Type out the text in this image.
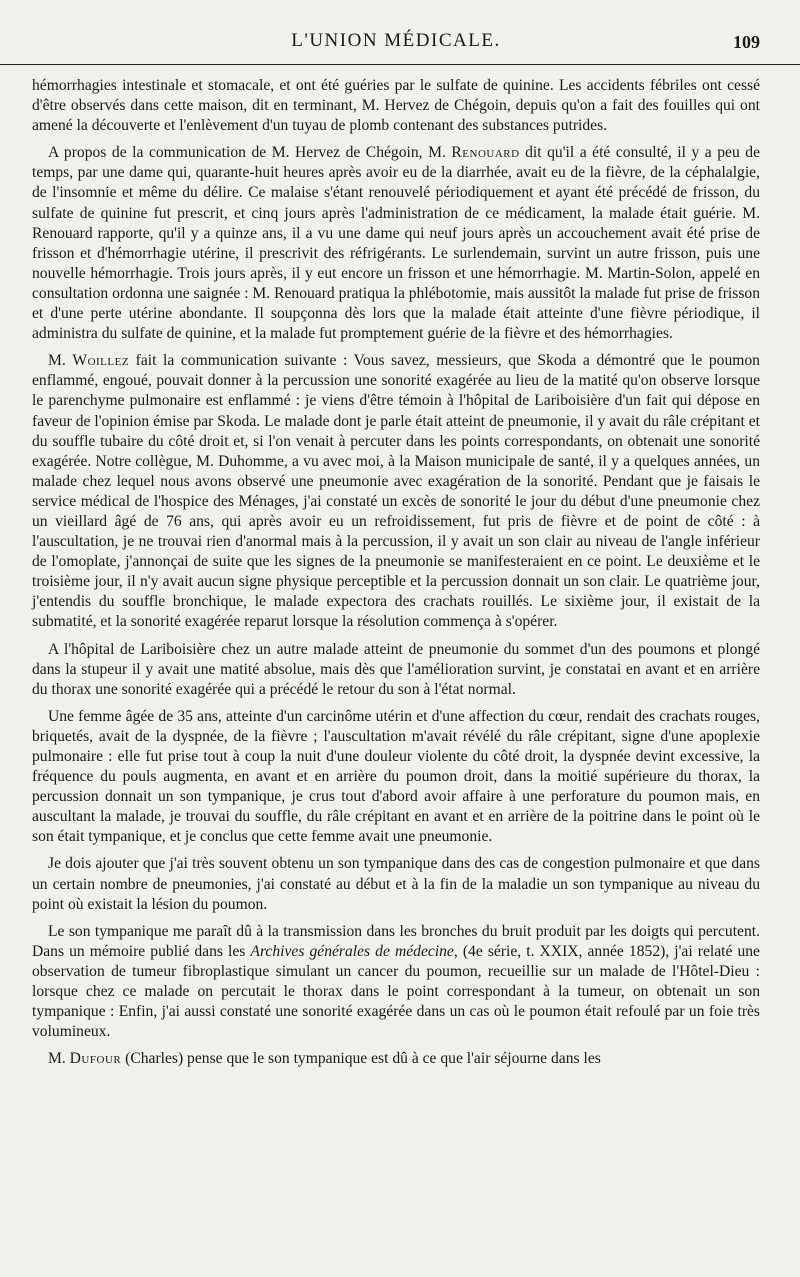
L'UNION MÉDICALE.	109

hémorrhagies intestinale et stomacale, et ont été guéries par le sulfate de quinine. Les accidents fébriles ont cessé d'être observés dans cette maison, dit en terminant, M. Hervez de Chégoin, depuis qu'on a fait des fouilles qui ont amené la découverte et l'enlèvement d'un tuyau de plomb contenant des substances putrides.

A propos de la communication de M. Hervez de Chégoin, M. Renouard dit qu'il a été consulté, il y a peu de temps, par une dame qui, quarante-huit heures après avoir eu de la diarrhée, avait eu de la fièvre, de la céphalalgie, de l'insomnie et même du délire. Ce malaise s'étant renouvelé périodiquement et ayant été précédé de frisson, du sulfate de quinine fut prescrit, et cinq jours après l'administration de ce médicament, la malade était guérie. M. Renouard rapporte, qu'il y a quinze ans, il a vu une dame qui neuf jours après un accouchement avait été prise de frisson et d'hémorrhagie utérine, il prescrivit des réfrigérants. Le surlendemain, survint un autre frisson, puis une nouvelle hémorrhagie. Trois jours après, il y eut encore un frisson et une hémorrhagie. M. Martin-Solon, appelé en consultation ordonna une saignée : M. Renouard pratiqua la phlébotomie, mais aussitôt la malade fut prise de frisson et d'une perte utérine abondante. Il soupçonna dès lors que la malade était atteinte d'une fièvre périodique, il administra du sulfate de quinine, et la malade fut promptement guérie de la fièvre et des hémorrhagies.

M. Woillez fait la communication suivante : Vous savez, messieurs, que Skoda a démontré que le poumon enflammé, engoué, pouvait donner à la percussion une sonorité exagérée au lieu de la matité qu'on observe lorsque le parenchyme pulmonaire est enflammé : je viens d'être témoin à l'hôpital de Lariboisière d'un fait qui dépose en faveur de l'opinion émise par Skoda. Le malade dont je parle était atteint de pneumonie, il y avait du râle crépitant et du souffle tubaire du côté droit et, si l'on venait à percuter dans les points correspondants, on obtenait une sonorité exagérée. Notre collègue, M. Duhomme, a vu avec moi, à la Maison municipale de santé, il y a quelques années, un malade chez lequel nous avons observé une pneumonie avec exagération de la sonorité. Pendant que je faisais le service médical de l'hospice des Ménages, j'ai constaté un excès de sonorité le jour du début d'une pneumonie chez un vieillard âgé de 76 ans, qui après avoir eu un refroidissement, fut pris de fièvre et de point de côté : à l'auscultation, je ne trouvai rien d'anormal mais à la percussion, il y avait un son clair au niveau de l'angle inférieur de l'omoplate, j'annonçai de suite que les signes de la pneumonie se manifesteraient en ce point. Le deuxième et le troisième jour, il n'y avait aucun signe physique perceptible et la percussion donnait un son clair. Le quatrième jour, j'entendis du souffle bronchique, le malade expectora des crachats rouillés. Le sixième jour, il existait de la submatité, et la sonorité exagérée reparut lorsque la résolution commença à s'opérer.

A l'hôpital de Lariboisière chez un autre malade atteint de pneumonie du sommet d'un des poumons et plongé dans la stupeur il y avait une matité absolue, mais dès que l'amélioration survint, je constatai en avant et en arrière du thorax une sonorité exagérée qui a précédé le retour du son à l'état normal.

Une femme âgée de 35 ans, atteinte d'un carcinôme utérin et d'une affection du cœur, rendait des crachats rouges, briquetés, avait de la dyspnée, de la fièvre ; l'auscultation m'avait révélé du râle crépitant, signe d'une apoplexie pulmonaire : elle fut prise tout à coup la nuit d'une douleur violente du côté droit, la dyspnée devint excessive, la fréquence du pouls augmenta, en avant et en arrière du poumon droit, dans la moitié supérieure du thorax, la percussion donnait un son tympanique, je crus tout d'abord avoir affaire à une perforature du poumon mais, en auscultant la malade, je trouvai du souffle, du râle crépitant en avant et en arrière de la poitrine dans le point où le son était tympanique, et je conclus que cette femme avait une pneumonie.

Je dois ajouter que j'ai très souvent obtenu un son tympanique dans des cas de congestion pulmonaire et que dans un certain nombre de pneumonies, j'ai constaté au début et à la fin de la maladie un son tympanique au niveau du point où existait la lésion du poumon.

Le son tympanique me paraît dû à la transmission dans les bronches du bruit produit par les doigts qui percutent. Dans un mémoire publié dans les Archives générales de médecine, (4e série, t. XXIX, année 1852), j'ai relaté une observation de tumeur fibroplastique simulant un cancer du poumon, recueillie sur un malade de l'Hôtel-Dieu : lorsque chez ce malade on percutait le thorax dans le point correspondant à la tumeur, on obtenait un son tympanique : Enfin, j'ai aussi constaté une sonorité exagérée dans un cas où le poumon était refoulé par un foie très volumineux.

M. Dufour (Charles) pense que le son tympanique est dû à ce que l'air séjourne dans les
